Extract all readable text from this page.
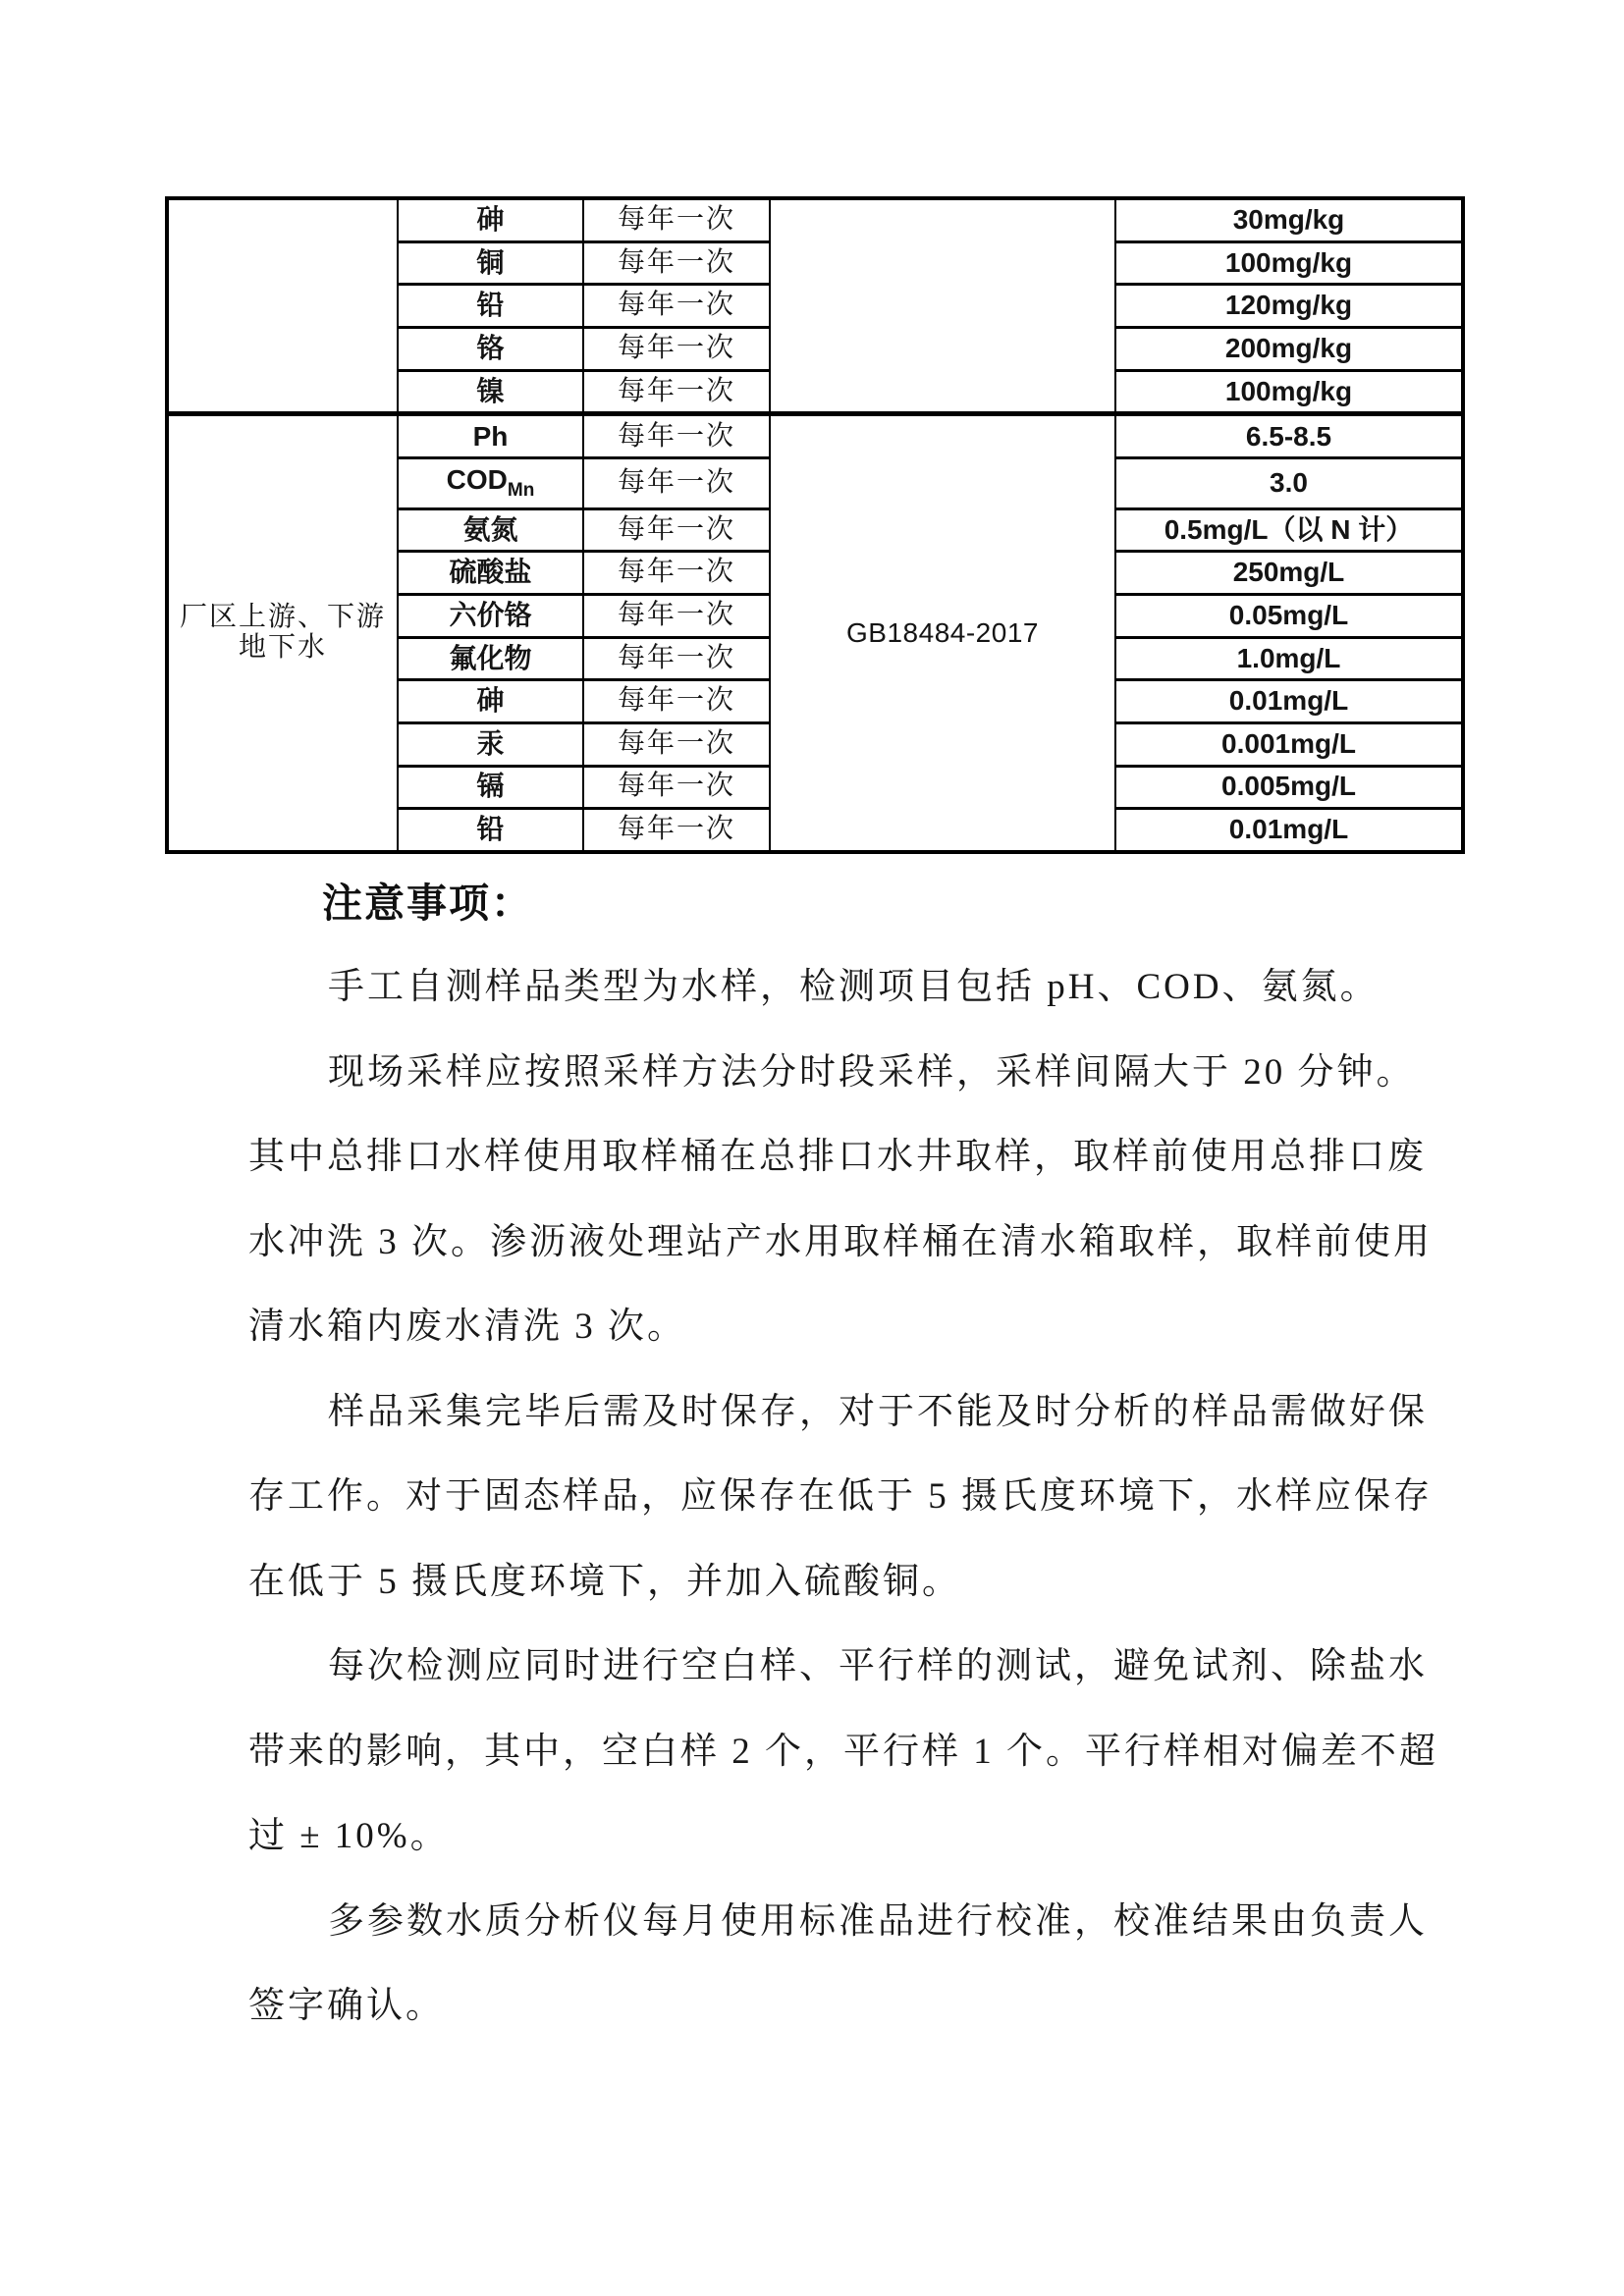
	砷	每年一次		30mg/kg
	铜	每年一次		100mg/kg
	铅	每年一次		120mg/kg
	铬	每年一次		200mg/kg
	镍	每年一次		100mg/kg

厂区上游、下游
地下水	Ph	每年一次	GB18484-2017	6.5-8.5
	$COD_{Mn}$	每年一次		3.0
	氨氮	每年一次		0.5mg/L（以 N 计）
	硫酸盐	每年一次		250mg/L
	六价铬	每年一次		0.05mg/L
	氟化物	每年一次		1.0mg/L
	砷	每年一次		0.01mg/L
	汞	每年一次		0.001mg/L
	镉	每年一次		0.005mg/L
	铅	每年一次		0.01mg/L
注意事项：
手工自测样品类型为水样，检测项目包括 pH、COD、氨氮。
现场采样应按照采样方法分时段采样，采样间隔大于 20 分钟。
其中总排口水样使用取样桶在总排口水井取样，取样前使用总排口废
水冲洗 3 次。渗沥液处理站产水用取样桶在清水箱取样，取样前使用
清水箱内废水清洗 3 次。
样品采集完毕后需及时保存，对于不能及时分析的样品需做好保
存工作。对于固态样品，应保存在低于 5 摄氏度环境下，水样应保存
在低于 5 摄氏度环境下，并加入硫酸铜。
每次检测应同时进行空白样、平行样的测试，避免试剂、除盐水
带来的影响，其中，空白样 2 个，平行样 1 个。平行样相对偏差不超
过 ± 10%。
多参数水质分析仪每月使用标准品进行校准，校准结果由负责人
签字确认。
